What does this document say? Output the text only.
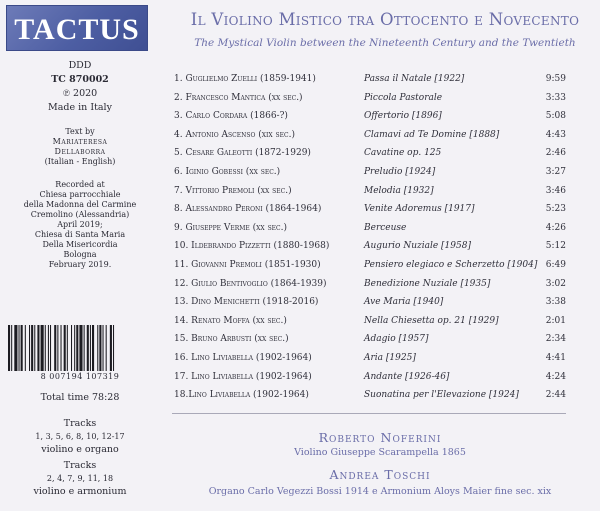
TACTUS
DDD
TC 870002
℗ 2020
Made in Italy
Text by
Mariateresa
Dellaborra
(Italian - English)
Recorded at
Chiesa parrocchiale
della Madonna del Carmine
Cremolino (Alessandria)
April 2019;
Chiesa di Santa Maria
Della Misericordia
Bologna
February 2019.
8 007194 107319
Total time 78:28
Tracks
1, 3, 5, 6, 8, 10, 12-17
violino e organo
Tracks
2, 4, 7, 9, 11, 18
violino e armonium
Il Violino Mistico tra Ottocento e Novecento
The Mystical Violin between the Nineteenth Century and the Twentieth
1. Guglielmo Zuelli (1859-1941)	Passa il Natale [1922]	9:59
2. Francesco Mantica (xx sec.)	Piccola Pastorale	3:33
3. Carlo Cordara (1866-?)	Offertorio [1896]	5:08
4. Antonio Ascenso (xix sec.)	Clamavi ad Te Domine [1888]	4:43
5. Cesare Galeotti (1872-1929)	Cavatine op. 125	2:46
6. Iginio Gobessi (xx sec.)	Preludio [1924]	3:27
7. Vittorio Premoli (xx sec.)	Melodia [1932]	3:46
8. Alessandro Peroni (1864-1964)	Venite Adoremus [1917]	5:23
9. Giuseppe Verme (xx sec.)	Berceuse	4:26
10. Ildebrando Pizzetti (1880-1968)	Augurio Nuziale [1958]	5:12
11. Giovanni Premoli (1851-1930)	Pensiero elegiaco e Scherzetto [1904] 6:49
12. Giulio Bentivoglio (1864-1939)	Benedizione Nuziale [1935]	3:02
13. Dino Menichetti (1918-2016)	Ave Maria [1940]	3:38
14. Renato Moffa (xx sec.)	Nella Chiesetta op. 21 [1929]	2:01
15. Bruno Arbusti (xx sec.)	Adagio [1957]	2:34
16. Lino Liviabella (1902-1964)	Aria [1925]	4:41
17. Lino Liviabella (1902-1964)	Andante [1926-46]	4:24
18.Lino Liviabella (1902-1964)	Suonatina per l'Elevazione [1924]	2:44
Roberto Noferini
Violino Giuseppe Scarampella 1865
Andrea Toschi
Organo Carlo Vegezzi Bossi 1914 e Armonium Aloys Maier fine sec. xix
